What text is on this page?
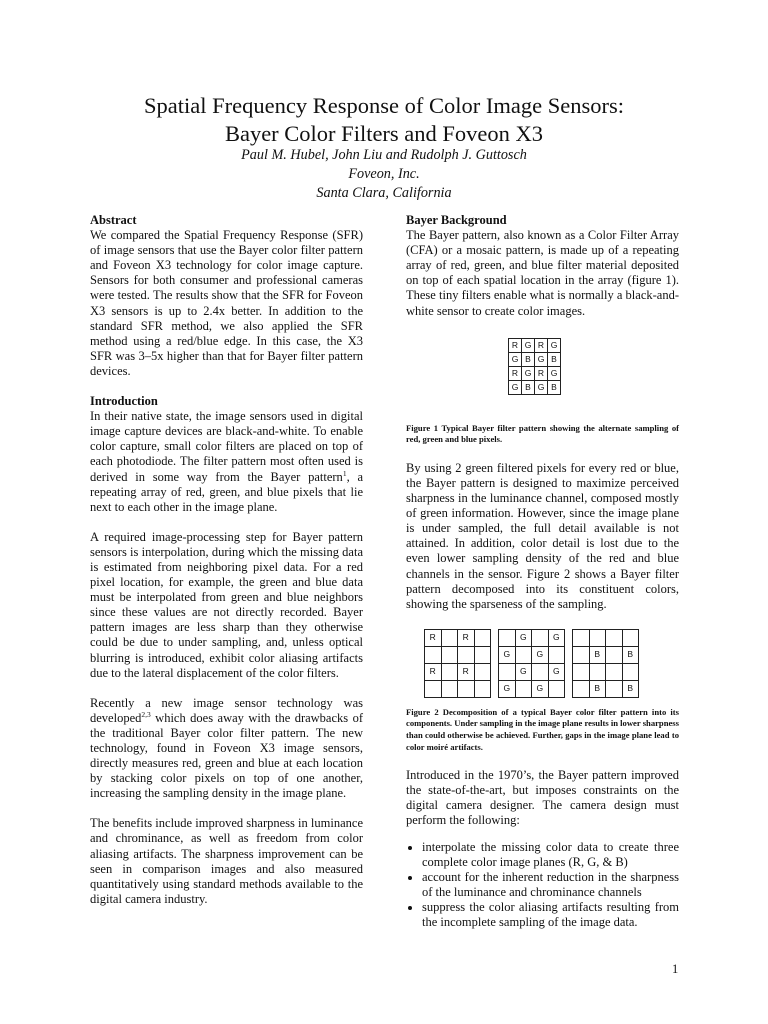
Spatial Frequency Response of Color Image Sensors:
Bayer Color Filters and Foveon X3
Paul M. Hubel, John Liu and Rudolph J. Guttosch
Foveon, Inc.
Santa Clara, California
Abstract

We compared the Spatial Frequency Response (SFR) of image sensors that use the Bayer color filter pattern and Foveon X3 technology for color image capture. Sensors for both consumer and professional cameras were tested. The results show that the SFR for Foveon X3 sensors is up to 2.4x better. In addition to the standard SFR method, we also applied the SFR method using a red/blue edge. In this case, the X3 SFR was 3–5x higher than that for Bayer filter pattern devices.

Introduction

In their native state, the image sensors used in digital image capture devices are black-and-white. To enable color capture, small color filters are placed on top of each photodiode. The filter pattern most often used is derived in some way from the Bayer pattern$^1$, a repeating array of red, green, and blue pixels that lie next to each other in the image plane.

A required image-processing step for Bayer pattern sensors is interpolation, during which the missing data is estimated from neighboring pixel data. For a red pixel location, for example, the green and blue data must be interpolated from green and blue neighbors since these values are not directly recorded. Bayer pattern images are less sharp than they otherwise could be due to under sampling, and, unless optical blurring is introduced, exhibit color aliasing artifacts due to the lateral displacement of the color filters.

Recently a new image sensor technology was developed$^{2,3}$ which does away with the drawbacks of the traditional Bayer color filter pattern. The new technology, found in Foveon X3 image sensors, directly measures red, green and blue at each location by stacking color pixels on top of one another, increasing the sampling density in the image plane.

The benefits include improved sharpness in luminance and chrominance, as well as freedom from color aliasing artifacts. The sharpness improvement can be seen in comparison images and also measured quantitatively using standard methods available to the digital camera industry.

Bayer Background

The Bayer pattern, also known as a Color Filter Array (CFA) or a mosaic pattern, is made up of a repeating array of red, green, and blue filter material deposited on top of each spatial location in the array (figure 1). These tiny filters enable what is normally a black-and-white sensor to create color images.

R	G	R	G
G	B	G	B
R	G	R	G
G	B	G	B
Figure 1 Typical Bayer filter pattern showing the alternate sampling of red, green and blue pixels.

By using 2 green filtered pixels for every red or blue, the Bayer pattern is designed to maximize perceived sharpness in the luminance channel, composed mostly of green information. However, since the image plane is under sampled, the full detail available is not attained. In addition, color detail is lost due to the even lower sampling density of the red and blue channels in the sensor. Figure 2 shows a Bayer filter pattern decomposed into its constituent colors, showing the sparseness of the sampling.

R		R	

R		R	

	G		G
G		G	
	G		G
G		G	

	B		B

	B		B
Figure 2 Decomposition of a typical Bayer color filter pattern into its components. Under sampling in the image plane results in lower sharpness than could otherwise be achieved. Further, gaps in the image plane lead to color moiré artifacts.

Introduced in the 1970’s, the Bayer pattern improved the state-of-the-art, but imposes constraints on the digital camera designer. The camera design must perform the following:

• interpolate the missing color data to create three complete color image planes (R, G, & B)
• account for the inherent reduction in the sharpness of the luminance and chrominance channels
• suppress the color aliasing artifacts resulting from the incomplete sampling of the image data.
1
